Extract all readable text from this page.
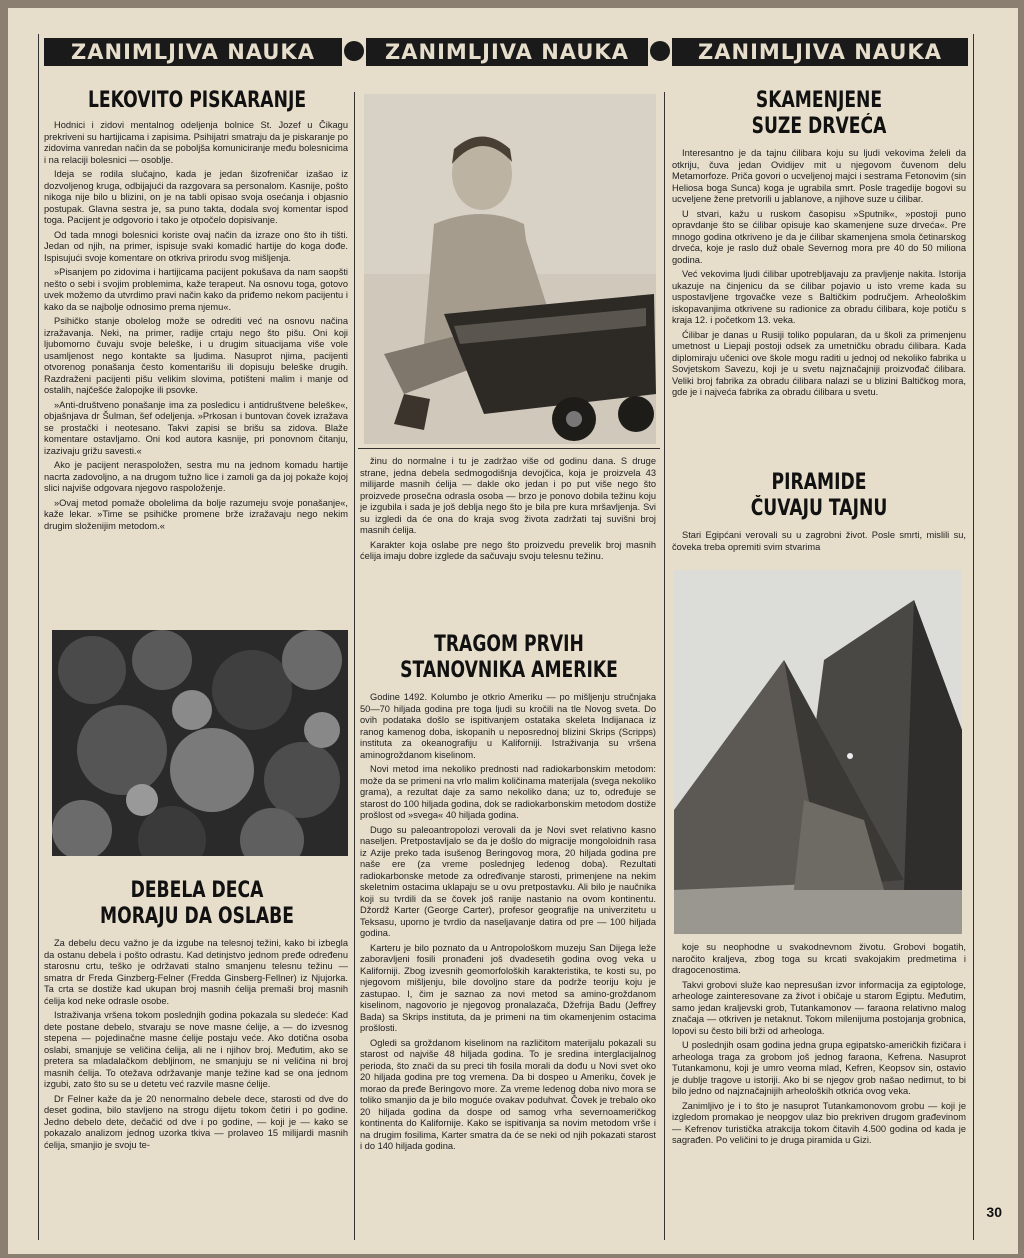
ZANIMLJIVA NAUKA	ZANIMLJIVA NAUKA	ZANIMLJIVA NAUKA
LEKOVITO PISKARANJE

Hodnici i zidovi mentalnog odeljenja bolnice St. Jozef u Čikagu prekriveni su hartijicama i zapisima. Psihijatri smatraju da je piskaranje po zidovima vanredan način da se poboljša komuniciranje među bolesnicima i na relaciji bolesnici — osoblje.

Ideja se rodila slučajno, kada je jedan šizofreničar izašao iz dozvoljenog kruga, odbijajući da razgovara sa personalom. Kasnije, pošto nikoga nije bilo u blizini, on je na tabli opisao svoja osećanja i objasnio postupak. Glavna sestra je, sa puno takta, dodala svoj komentar ispod toga. Pacijent je odgovorio i tako je otpočelo dopisivanje.

Od tada mnogi bolesnici koriste ovaj način da izraze ono što ih tišti. Jedan od njih, na primer, ispisuje svaki komadić hartije do koga dođe. Ispisujući svoje komentare on otkriva prirodu svog mišljenja.

»Pisanjem po zidovima i hartijicama pacijent pokušava da nam saopšti nešto o sebi i svojim problemima, kaže terapeut. Na osnovu toga, gotovo uvek možemo da utvrdimo pravi način kako da priđemo nekom pacijentu i kako da se najbolje odnosimo prema njemu«.

Psihičko stanje obolelog može se odrediti već na osnovu načina izražavanja. Neki, na primer, radije crtaju nego što pišu. Oni koji ljubomorno čuvaju svoje beleške, i u drugim situacijama više vole usamljenost nego kontakte sa ljudima. Nasuprot njima, pacijenti otvorenog ponašanja često komentarišu ili dopisuju beleške drugih. Razdraženi pacijenti pišu velikim slovima, potišteni malim i manje od ostalih, najčešće žalopojke ili psovke.

»Anti-društveno ponašanje ima za posledicu i antidruštvene beleške«, objašnjava dr Šulman, šef odeljenja. »Prkosan i buntovan čovek izražava se prostački i neotesano. Takvi zapisi se brišu sa zidova. Blaže komentare ostavljamo. Oni kod autora kasnije, pri ponovnom čitanju, izazivaju grižu savesti.«

Ako je pacijent neraspoložen, sestra mu na jednom komadu hartije nacrta zadovoljno, a na drugom tužno lice i zamoli ga da joj pokaže kojoj slici najviše odgovara njegovo raspoloženje.

»Ovaj metod pomaže obolelima da bolje razumeju svoje ponašanje«, kaže lekar. »Time se psihičke promene brže izražavaju nego nekim drugim složenijim metodom.«

DEBELA DECA
MORAJU DA OSLABE

Za debelu decu važno je da izgube na telesnoj težini, kako bi izbegla da ostanu debela i pošto odrastu. Kad detinjstvo jednom pređe određenu starosnu crtu, teško je održavati stalno smanjenu telesnu težinu — smatra dr Freda Ginzberg-Felner (Fredda Ginsberg-Fellner) iz Njujorka. Ta crta se dostiže kad ukupan broj masnih ćelija premaši broj masnih ćelija kod neke odrasle osobe.

Istraživanja vršena tokom poslednjih godina pokazala su sledeće: Kad dete postane debelo, stvaraju se nove masne ćelije, a — do izvesnog stepena — pojedinačne masne ćelije postaju veće. Ako dotična osoba oslabi, smanjuje se veličina ćelija, ali ne i njihov broj. Međutim, ako se pretera sa mladalačkom debljinom, ne smanjuju se ni veličina ni broj masnih ćelija. To otežava održavanje manje težine kad se ona jednom izgubi, zato što su se u detetu već razvile masne ćelije.

Dr Felner kaže da je 20 nenormalno debele dece, starosti od dve do deset godina, bilo stavljeno na strogu dijetu tokom četiri i po godine. Jedno debelo dete, dečačić od dve i po godine, — koji je — kako se pokazalo analizom jednog uzorka tkiva — prolaveo 15 milijardi masnih ćelija, smanjio je svoju te-

žinu do normalne i tu je zadržao više od godinu dana. S druge strane, jedna debela sedmogodišnja devojčica, koja je proizvela 43 milijarde masnih ćelija — dakle oko jedan i po put više nego što proizvede prosečna odrasla osoba — brzo je ponovo dobila težinu koju je izgubila i sada je još deblja nego što je bila pre kura mršavljenja. Svi su izgledi da će ona do kraja svog života zadržati taj suvišni broj masnih ćelija.

Karakter koja oslabe pre nego što proizvedu prevelik broj masnih ćelija imaju dobre izglede da sačuvaju svoju telesnu težinu.

TRAGOM PRVIH
STANOVNIKA AMERIKE

Godine 1492. Kolumbo je otkrio Ameriku — po mišljenju stručnjaka 50—70 hiljada godina pre toga ljudi su kročili na tle Novog sveta. Do ovih podataka došlo se ispitivanjem ostataka skeleta Indijanaca iz ranog kamenog doba, iskopanih u neposrednoj blizini Skrips (Scripps) instituta za okeanografiju u Kaliforniji. Istraživanja su vršena aminogroždanom kiselinom.

Novi metod ima nekoliko prednosti nad radiokarbonskim metodom: može da se primeni na vrlo malim količinama materijala (svega nekoliko grama), a rezultat daje za samo nekoliko dana; uz to, određuje se starost do 100 hiljada godina, dok se radiokarbonskim metodom dostiže prošlost od »svega« 40 hiljada godina.

Dugo su paleoantropolozi verovali da je Novi svet relativno kasno naseljen. Pretpostavljalo se da je došlo do migracije mongoloidnih rasa iz Azije preko tada isušenog Beringovog mora, 20 hiljada godina pre naše ere (za vreme poslednjeg ledenog doba). Rezultati radiokarbonske metode za određivanje starosti, primenjene na nekim skeletnim ostacima uklapaju se u ovu pretpostavku. Ali bilo je naučnika koji su tvrdili da se čovek još ranije nastanio na ovom kontinentu. Džordž Karter (George Carter), profesor geografije na univerzitetu u Teksasu, uporno je tvrdio da naseljavanje datira od pre — 100 hiljada godina.

Karteru je bilo poznato da u Antropološkom muzeju San Dijega leže zaboravljeni fosili pronađeni još dvadesetih godina ovog veka u Kaliforniji. Zbog izvesnih geomorfoloških karakteristika, te kosti su, po njegovom mišljenju, bile dovoljno stare da podrže teoriju koju je zastupao. I, čim je saznao za novi metod sa amino-groždanom kiselinom, nagovorio je njegovog pronalazača, Džefrija Badu (Jeffrey Bada) sa Skrips instituta, da je primeni na tim okamenjenim ostacima prošlosti.

Ogledi sa groždanom kiselinom na različitom materijalu pokazali su starost od najviše 48 hiljada godina. To je sredina interglacijalnog perioda, što znači da su preci tih fosila morali da dođu u Novi svet oko 20 hiljada godina pre tog vremena. Da bi dospeo u Ameriku, čovek je morao da pređe Beringovo more. Za vreme ledenog doba nivo mora se toliko smanjio da je bilo moguće ovakav poduhvat. Čovek je trebalo oko 20 hiljada godina da dospe od samog vrha severnoameričkog kontinenta do Kalifornije. Kako se ispitivanja sa novim metodom vrše i na drugim fosilima, Karter smatra da će se neki od njih pokazati starost i do 140 hiljada godina.

SKAMENJENE
SUZE DRVEĆA

Interesantno je da tajnu ćilibara koju su ljudi vekovima želeli da otkriju, čuva jedan Ovidijev mit u njegovom čuvenom delu Metamorfoze. Priča govori o ucveljenoj majci i sestrama Fetonovim (sin Heliosa boga Sunca) koga je ugrabila smrt. Posle tragedije bogovi su ucveljene žene pretvorili u jablanove, a njihove suze u ćilibar.

U stvari, kažu u ruskom časopisu »Sputnik«, »postoji puno opravdanje što se ćilibar opisuje kao skamenjene suze drveća«. Pre mnogo godina otkriveno je da je ćilibar skamenjena smola četinarskog drveća, koje je raslo duž obale Severnog mora pre 40 do 50 miliona godina.

Već vekovima ljudi ćilibar upotrebljavaju za pravljenje nakita. Istorija ukazuje na činjenicu da se ćilibar pojavio u isto vreme kada su uspostavljene trgovačke veze s Baltičkim područjem. Arheološkim iskopavanjima otkrivene su radionice za obradu ćilibara, koje potiču s kraja 12. i početkom 13. veka.

Ćilibar je danas u Rusiji toliko popularan, da u školi za primenjenu umetnost u Liepaji postoji odsek za umetničku obradu ćilibara. Kada diplomiraju učenici ove škole mogu raditi u jednoj od nekoliko fabrika u Sovjetskom Savezu, koji je u svetu najznačajniji proizvođač ćilibara. Veliki broj fabrika za obradu ćilibara nalazi se u blizini Baltičkog mora, gde je i najveća fabrika za obradu ćilibara u svetu.

PIRAMIDE
ČUVAJU TAJNU

Stari Egipćani verovali su u zagrobni život. Posle smrti, mislili su, čoveka treba opremiti svim stvarima

koje su neophodne u svakodnevnom životu. Grobovi bogatih, naročito kraljeva, zbog toga su krcati svakojakim predmetima i dragocenostima.

Takvi grobovi služe kao nepresušan izvor informacija za egiptologe, arheologe zainteresovane za život i običaje u starom Egiptu. Međutim, samo jedan kraljevski grob, Tutankamonov — faraona relativno malog značaja — otkriven je netaknut. Tokom milenijuma postojanja grobnica, lopovi su često bili brži od arheologa.

U poslednjih osam godina jedna grupa egipatsko-američkih fizičara i arheologa traga za grobom još jednog faraona, Kefrena. Nasuprot Tutankamonu, koji je umro veoma mlad, Kefren, Keopsov sin, ostavio je dublje tragove u istoriji. Ako bi se njegov grob našao nedirnut, to bi bilo jedno od najznačajnijih arheoloških otkrića ovog veka.

Zanimljivo je i to što je nasuprot Tutankamonovom grobu — koji je izgledom promakao je neopgov ulaz bio prekriven drugom građevinom — Kefrenov turistička atrakcija tokom čitavih 4.500 godina od kada je sagrađen. Po veličini to je druga piramida u Gizi.

30
